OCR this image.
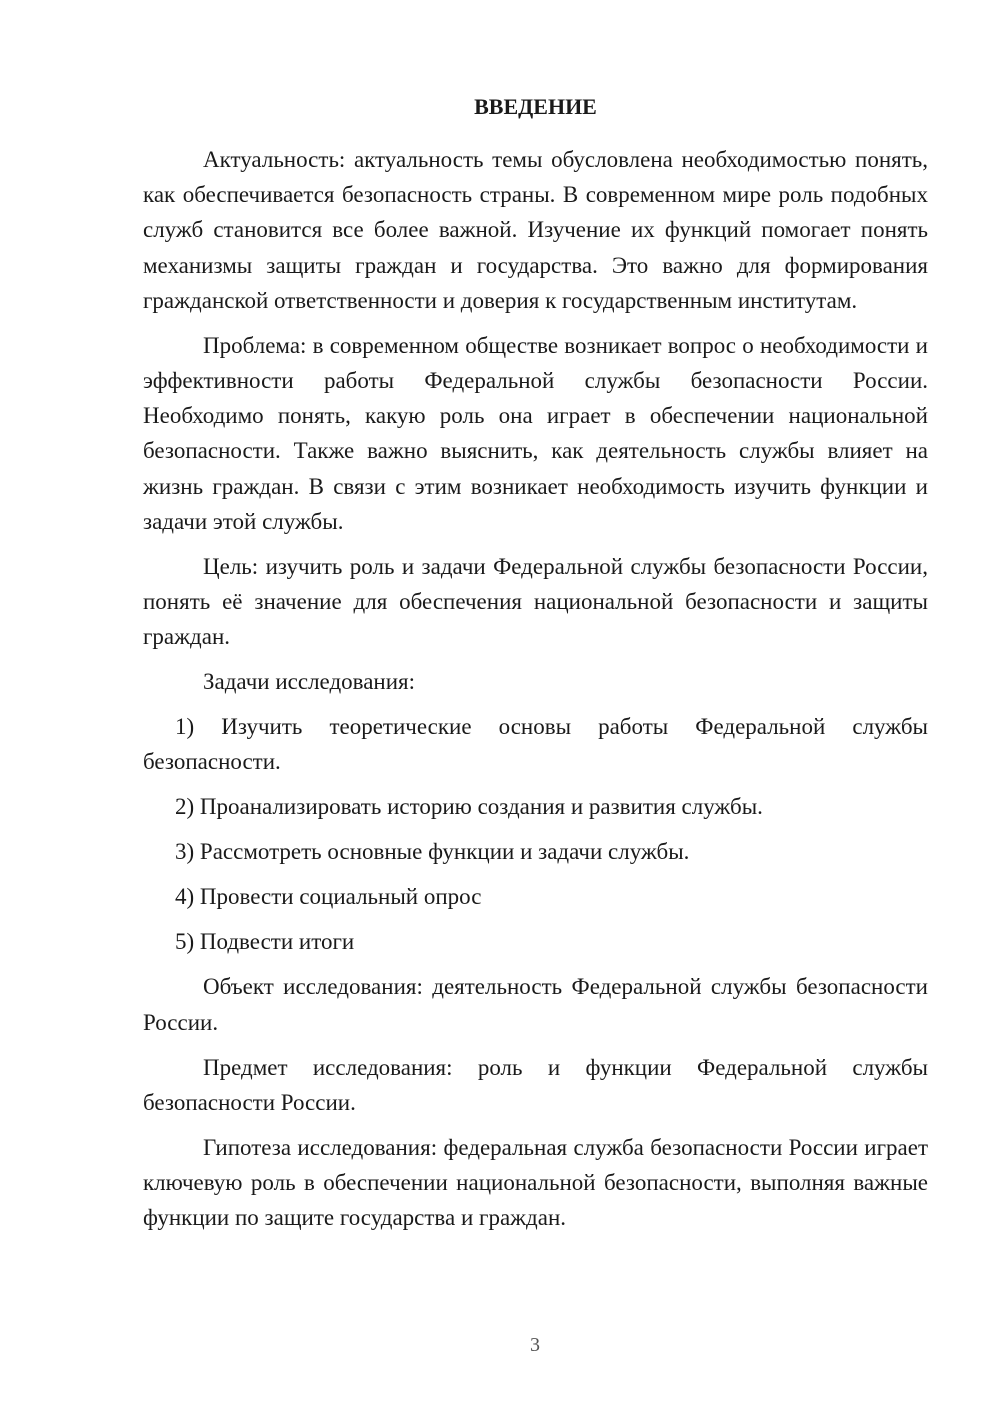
ВВЕДЕНИЕ

Актуальность: актуальность темы обусловлена необходимостью понять, как обеспечивается безопасность страны. В современном мире роль подобных служб становится все более важной. Изучение их функций помогает понять механизмы защиты граждан и государства. Это важно для формирования гражданской ответственности и доверия к государственным институтам.

Проблема: в современном обществе возникает вопрос о необходимости и эффективности работы Федеральной службы безопасности России. Необходимо понять, какую роль она играет в обеспечении национальной безопасности. Также важно выяснить, как деятельность службы влияет на жизнь граждан. В связи с этим возникает необходимость изучить функции и задачи этой службы.

Цель: изучить роль и задачи Федеральной службы безопасности России, понять её значение для обеспечения национальной безопасности и защиты граждан.

Задачи исследования:

1) Изучить теоретические основы работы Федеральной службы безопасности.
2) Проанализировать историю создания и развития службы.
3) Рассмотреть основные функции и задачи службы.
4) Провести социальный опрос
5) Подвести итоги

Объект исследования: деятельность Федеральной службы безопасности России.

Предмет исследования: роль и функции Федеральной службы безопасности России.

Гипотеза исследования: федеральная служба безопасности России играет ключевую роль в обеспечении национальной безопасности, выполняя важные функции по защите государства и граждан.

3
